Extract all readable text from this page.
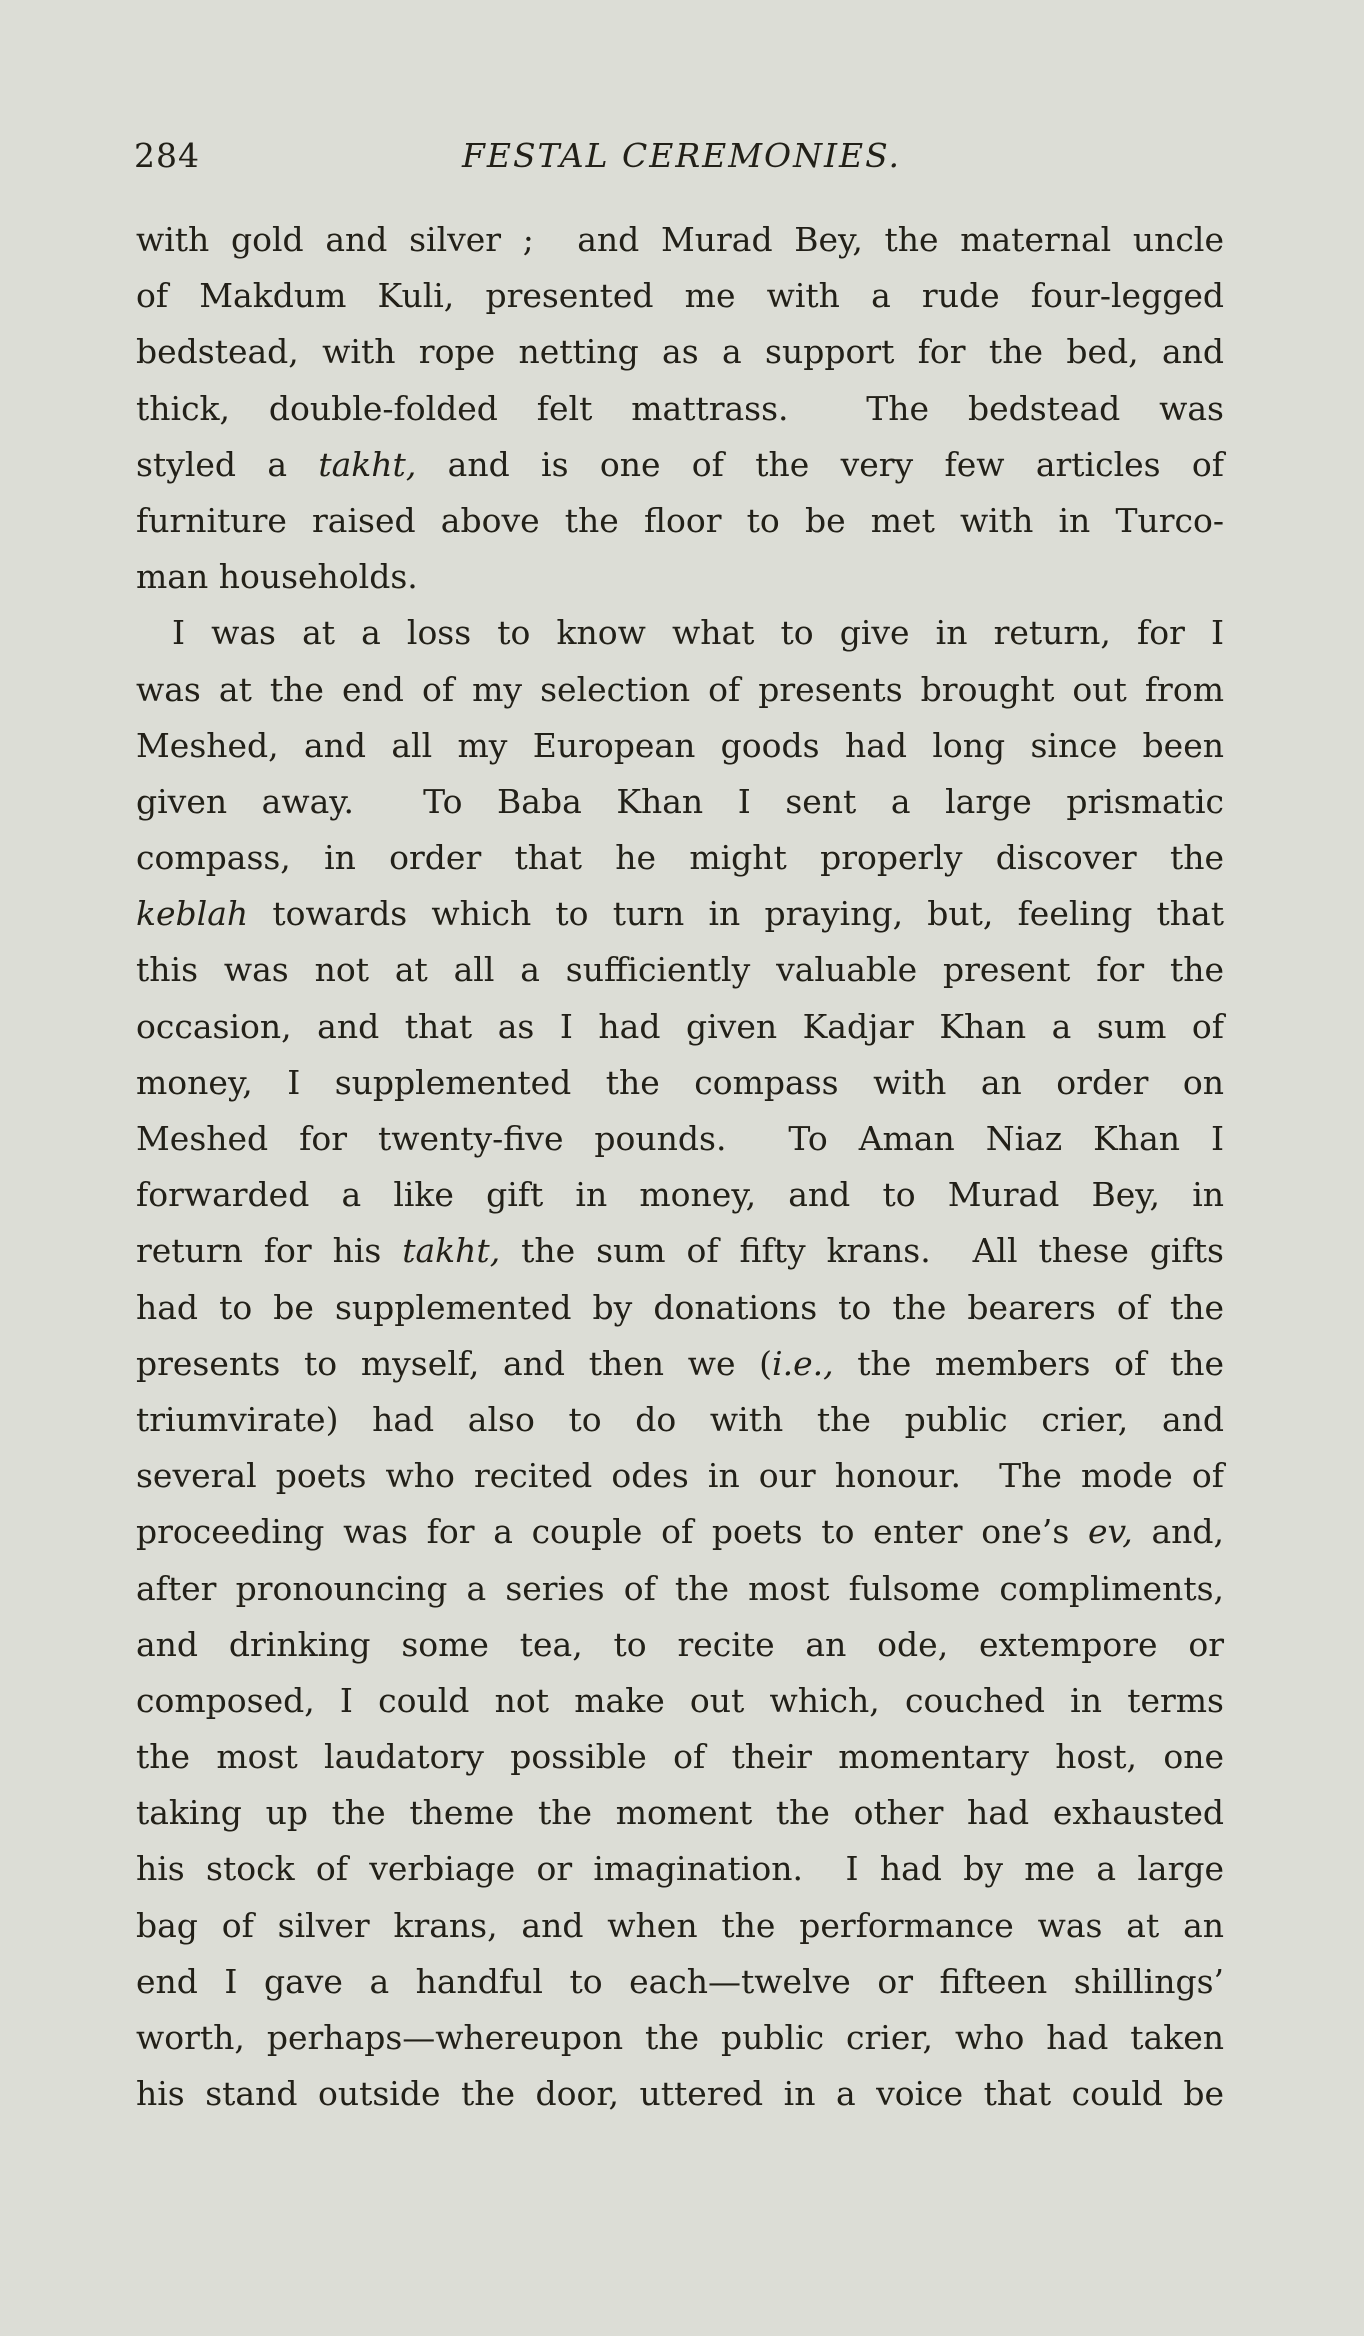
284	FESTAL CEREMONIES.
with gold and silver ;  and Murad Bey, the maternal uncle
of Makdum Kuli, presented me with a rude four-legged
bedstead, with rope netting as a support for the bed, and
thick, double-folded felt mattrass.  The bedstead was
styled a takht, and is one of the very few articles of
furniture raised above the floor to be met with in Turco-
man households.
I was at a loss to know what to give in return, for I
was at the end of my selection of presents brought out from
Meshed, and all my European goods had long since been
given away.  To Baba Khan I sent a large prismatic
compass, in order that he might properly discover the
keblah towards which to turn in praying, but, feeling that
this was not at all a sufficiently valuable present for the
occasion, and that as I had given Kadjar Khan a sum of
money, I supplemented the compass with an order on
Meshed for twenty-five pounds.  To Aman Niaz Khan I
forwarded a like gift in money, and to Murad Bey, in
return for his takht, the sum of fifty krans.  All these gifts
had to be supplemented by donations to the bearers of the
presents to myself, and then we (i.e., the members of the
triumvirate) had also to do with the public crier, and
several poets who recited odes in our honour.  The mode of
proceeding was for a couple of poets to enter one’s ev, and,
after pronouncing a series of the most fulsome compliments,
and drinking some tea, to recite an ode, extempore or
composed, I could not make out which, couched in terms
the most laudatory possible of their momentary host, one
taking up the theme the moment the other had exhausted
his stock of verbiage or imagination.  I had by me a large
bag of silver krans, and when the performance was at an
end I gave a handful to each—twelve or fifteen shillings’
worth, perhaps—whereupon the public crier, who had taken
his stand outside the door, uttered in a voice that could be
